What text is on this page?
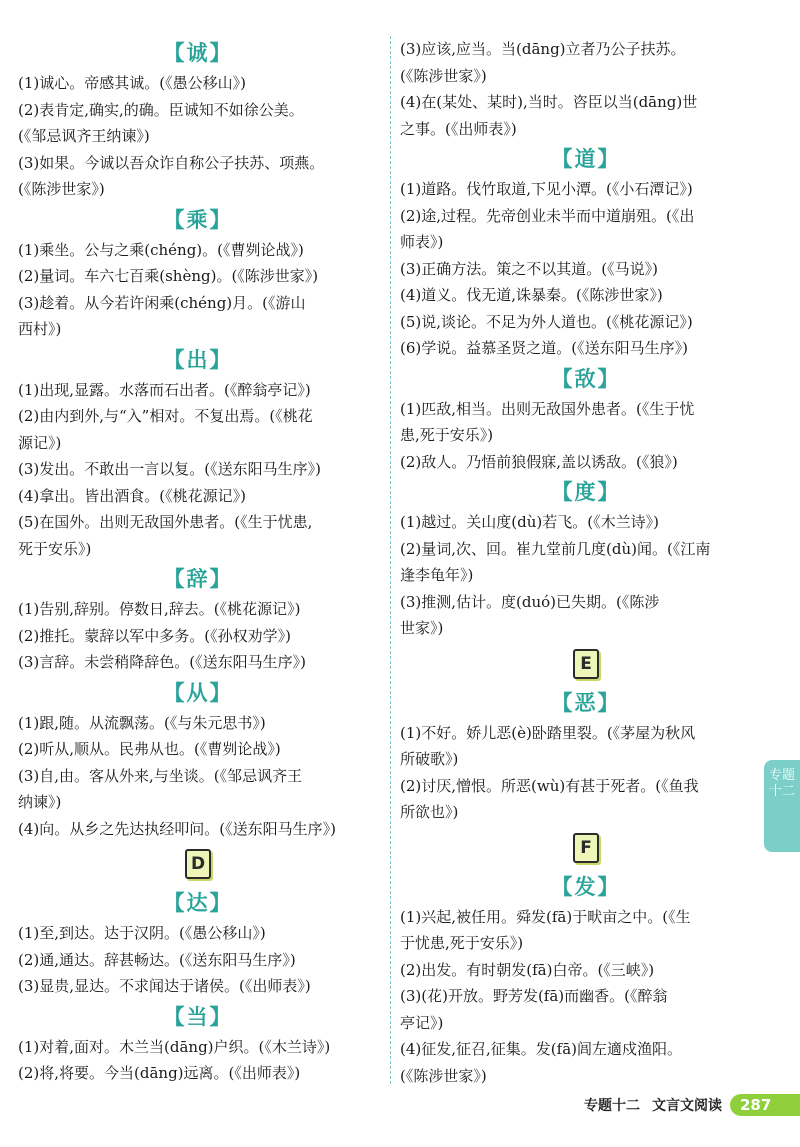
【诚】
(1)诚心。帝感其诚。(《愚公移山》)
(2)表肯定,确实,的确。臣诚知不如徐公美。
(《邹忌讽齐王纳谏》)
(3)如果。今诚以吾众诈自称公子扶苏、项燕。
(《陈涉世家》)
【乘】
(1)乘坐。公与之乘(chéng)。(《曹刿论战》)
(2)量词。车六七百乘(shèng)。(《陈涉世家》)
(3)趁着。从今若许闲乘(chéng)月。(《游山
西村》)
【出】
(1)出现,显露。水落而石出者。(《醉翁亭记》)
(2)由内到外,与“入”相对。不复出焉。(《桃花
源记》)
(3)发出。不敢出一言以复。(《送东阳马生序》)
(4)拿出。皆出酒食。(《桃花源记》)
(5)在国外。出则无敌国外患者。(《生于忧患,
死于安乐》)
【辞】
(1)告别,辞别。停数日,辞去。(《桃花源记》)
(2)推托。蒙辞以军中多务。(《孙权劝学》)
(3)言辞。未尝稍降辞色。(《送东阳马生序》)
【从】
(1)跟,随。从流飘荡。(《与朱元思书》)
(2)听从,顺从。民弗从也。(《曹刿论战》)
(3)自,由。客从外来,与坐谈。(《邹忌讽齐王
纳谏》)
(4)向。从乡之先达执经叩问。(《送东阳马生序》)
D
【达】
(1)至,到达。达于汉阴。(《愚公移山》)
(2)通,通达。辞甚畅达。(《送东阳马生序》)
(3)显贵,显达。不求闻达于诸侯。(《出师表》)
【当】
(1)对着,面对。木兰当(dāng)户织。(《木兰诗》)
(2)将,将要。今当(dāng)远离。(《出师表》)
(3)应该,应当。当(dāng)立者乃公子扶苏。
(《陈涉世家》)
(4)在(某处、某时),当时。咨臣以当(dāng)世
之事。(《出师表》)
【道】
(1)道路。伐竹取道,下见小潭。(《小石潭记》)
(2)途,过程。先帝创业未半而中道崩殂。(《出
师表》)
(3)正确方法。策之不以其道。(《马说》)
(4)道义。伐无道,诛暴秦。(《陈涉世家》)
(5)说,谈论。不足为外人道也。(《桃花源记》)
(6)学说。益慕圣贤之道。(《送东阳马生序》)
【敌】
(1)匹敌,相当。出则无敌国外患者。(《生于忧
患,死于安乐》)
(2)敌人。乃悟前狼假寐,盖以诱敌。(《狼》)
【度】
(1)越过。关山度(dù)若飞。(《木兰诗》)
(2)量词,次、回。崔九堂前几度(dù)闻。(《江南
逢李龟年》)
(3)推测,估计。度(duó)已失期。(《陈涉
世家》)
E
【恶】
(1)不好。娇儿恶(è)卧踏里裂。(《茅屋为秋风
所破歌》)
(2)讨厌,憎恨。所恶(wù)有甚于死者。(《鱼我
所欲也》)
F
【发】
(1)兴起,被任用。舜发(fā)于畎亩之中。(《生
于忧患,死于安乐》)
(2)出发。有时朝发(fā)白帝。(《三峡》)
(3)(花)开放。野芳发(fā)而幽香。(《醉翁
亭记》)
(4)征发,征召,征集。发(fā)闾左適戍渔阳。
(《陈涉世家》)
专题
十二
专题十二 文言文阅读	287
